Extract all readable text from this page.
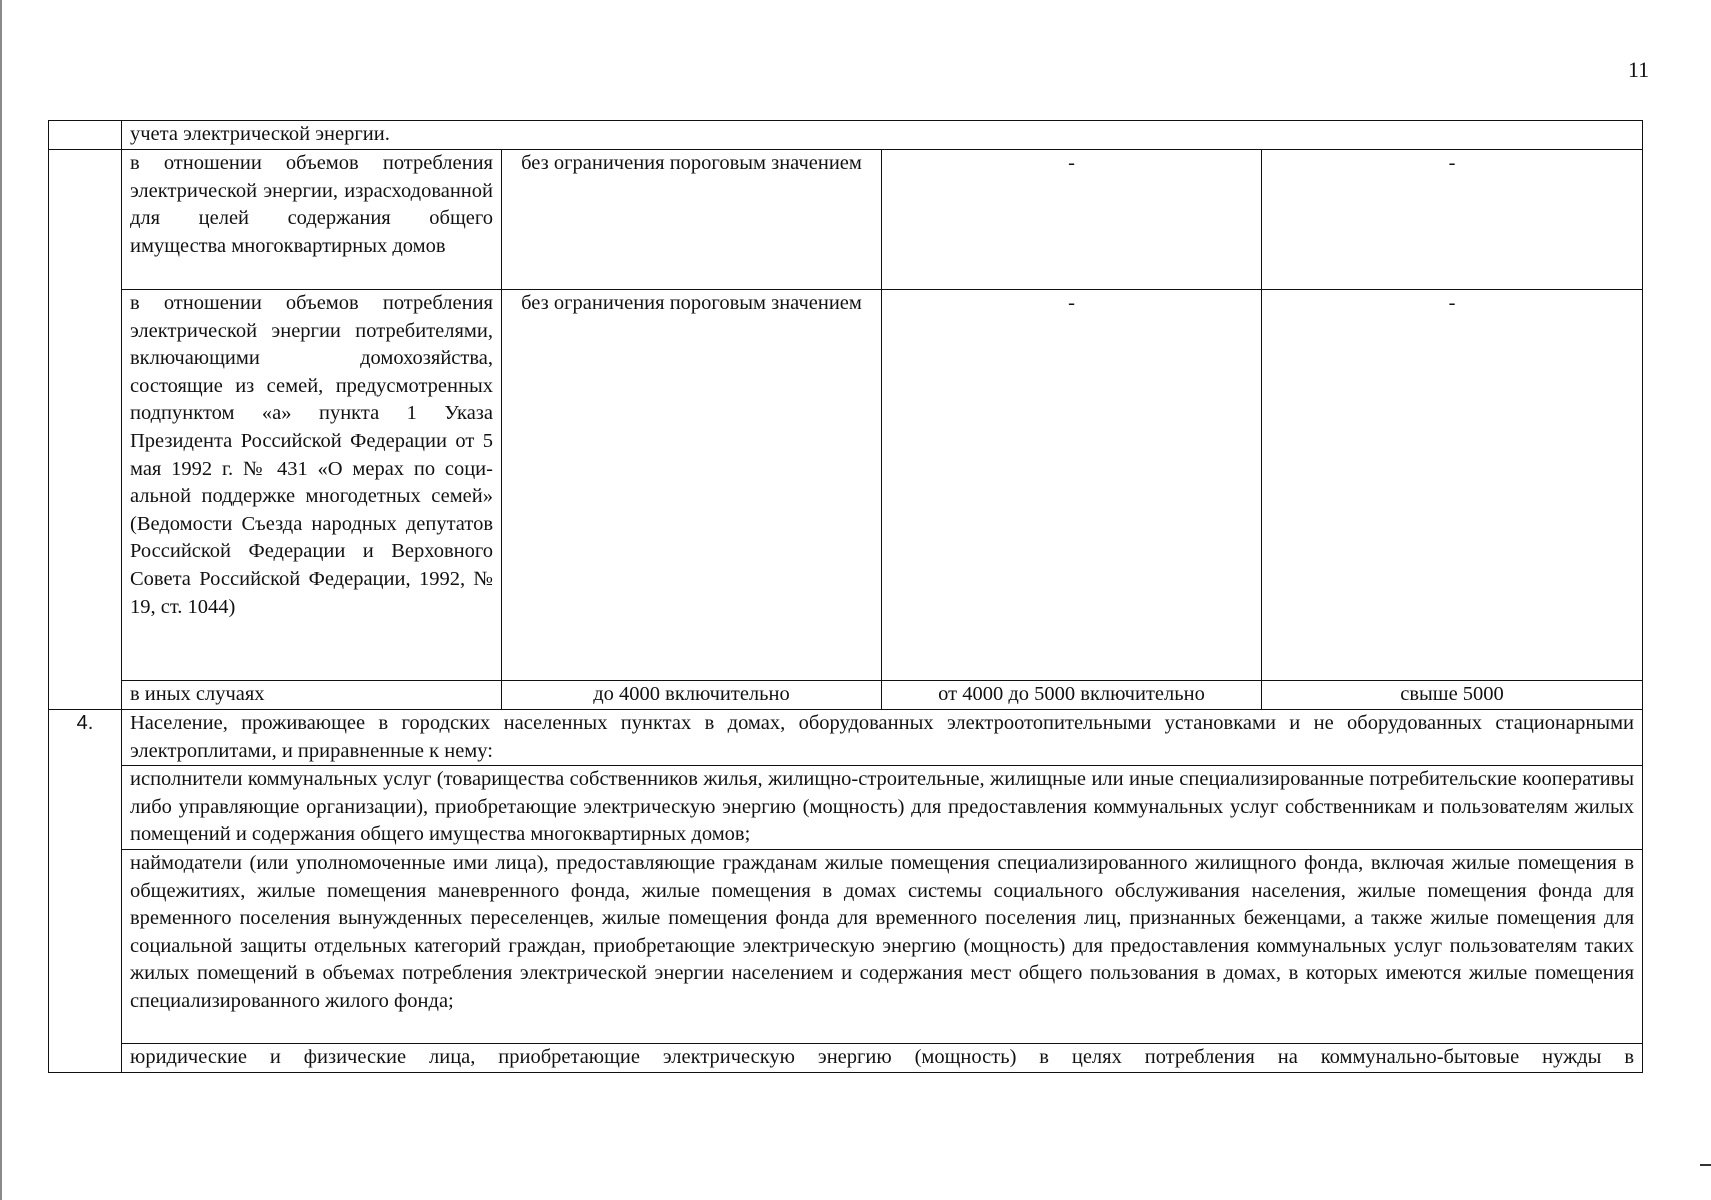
11
	учета электрической энергии.			
	в отношении объемов потребления электрической энергии, израсходованной для целей содержания общего имущества многоквартирных домов	без ограничения пороговым значением	-	-
	в отношении объемов потребления электрической энергии потребителями, включающими домохозяйства, состоящие из семей, предусмотренных подпунктом «а» пункта 1 Указа Президента Российской Федерации от 5 мая 1992 г. № 431 «О мерах по социальной поддержке многодетных семей» (Ведомости Съезда народных депутатов Российской Федерации и Верховного Совета Российской Федерации, 1992, № 19, ст. 1044)	без ограничения пороговым значением	-	-
	в иных случаях	до 4000 включительно	от 4000 до 5000 включительно	свыше 5000
4.	Население, проживающее в городских населенных пунктах в домах, оборудованных электроотопительными установками и не оборудованных стационарными электроплитами, и приравненные к нему:			
	исполнители коммунальных услуг (товарищества собственников жилья, жилищно-строительные, жилищные или иные специализированные потребительские кооперативы либо управляющие организации), приобретающие электрическую энергию (мощность) для предоставления коммунальных услуг собственникам и пользователям жилых помещений и содержания общего имущества многоквартирных домов;			
	наймодатели (или уполномоченные ими лица), предоставляющие гражданам жилые помещения специализированного жилищного фонда, включая жилые помещения в общежитиях, жилые помещения маневренного фонда, жилые помещения в домах системы социального обслуживания населения, жилые помещения фонда для временного поселения вынужденных переселенцев, жилые помещения фонда для временного поселения лиц, признанных беженцами, а также жилые помещения для социальной защиты отдельных категорий граждан, приобретающие электрическую энергию (мощность) для предоставления коммунальных услуг пользователям таких жилых помещений в объемах потребления электрической энергии населением и содержания мест общего пользования в домах, в которых имеются жилые помещения специализированного жилого фонда;			
	юридические и физические лица, приобретающие электрическую энергию (мощность) в целях потребления на коммунально-бытовые нужды в			
